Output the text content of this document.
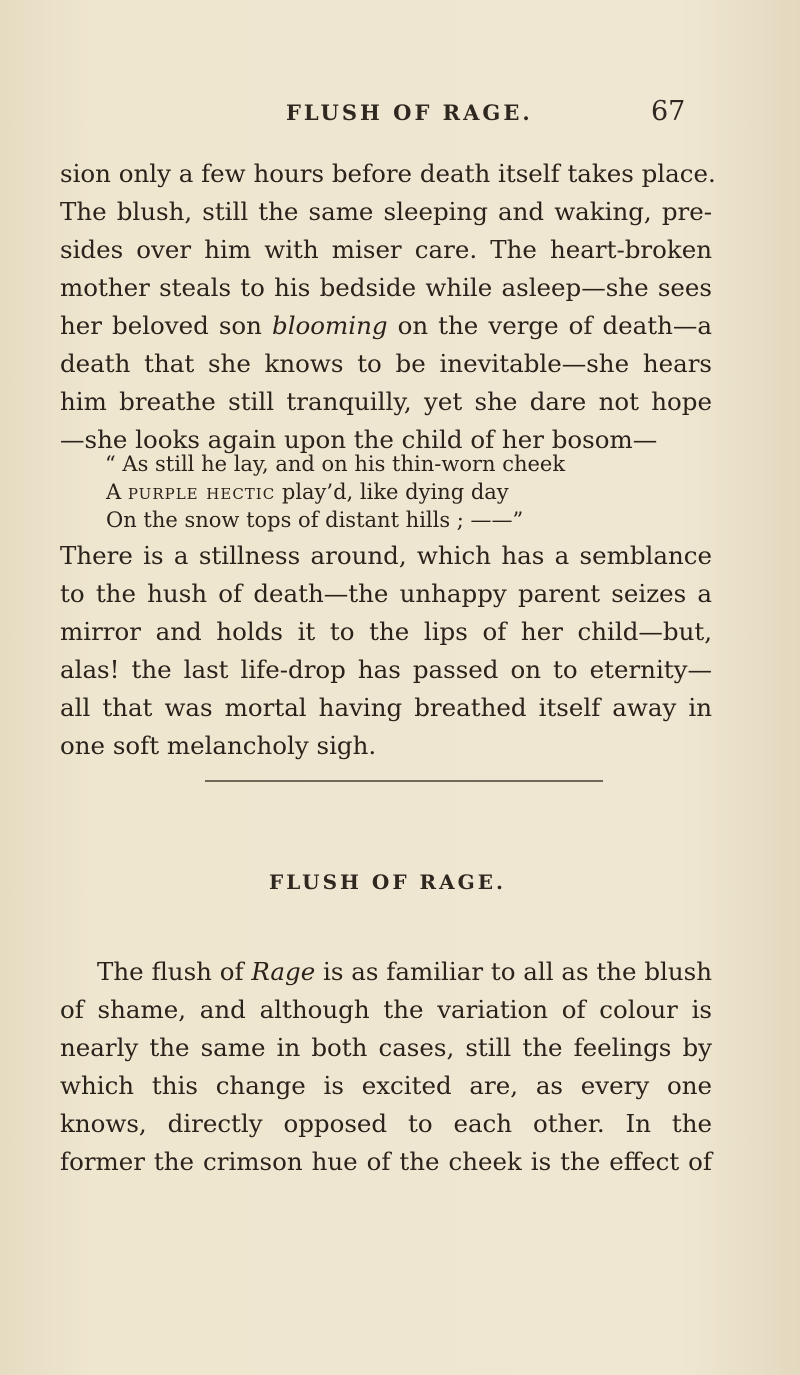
FLUSH OF RAGE.	67
sion only a few hours before death itself takes place.
The blush, still the same sleeping and waking, pre-
sides over him with miser care. The heart-broken
mother steals to his bedside while asleep—she sees
her beloved son blooming on the verge of death—a
death that she knows to be inevitable—she hears
him breathe still tranquilly, yet she dare not hope
—she looks again upon the child of her bosom—
“ As still he lay, and on his thin-worn cheek
A purple hectic play’d, like dying day
On the snow tops of distant hills ; ——”
There is a stillness around, which has a semblance
to the hush of death—the unhappy parent seizes a
mirror and holds it to the lips of her child—but,
alas! the last life-drop has passed on to eternity—
all that was mortal having breathed itself away in
one soft melancholy sigh.
FLUSH OF RAGE.
The flush of Rage is as familiar to all as the blush
of shame, and although the variation of colour is
nearly the same in both cases, still the feelings by
which this change is excited are, as every one
knows, directly opposed to each other. In the
former the crimson hue of the cheek is the effect of
